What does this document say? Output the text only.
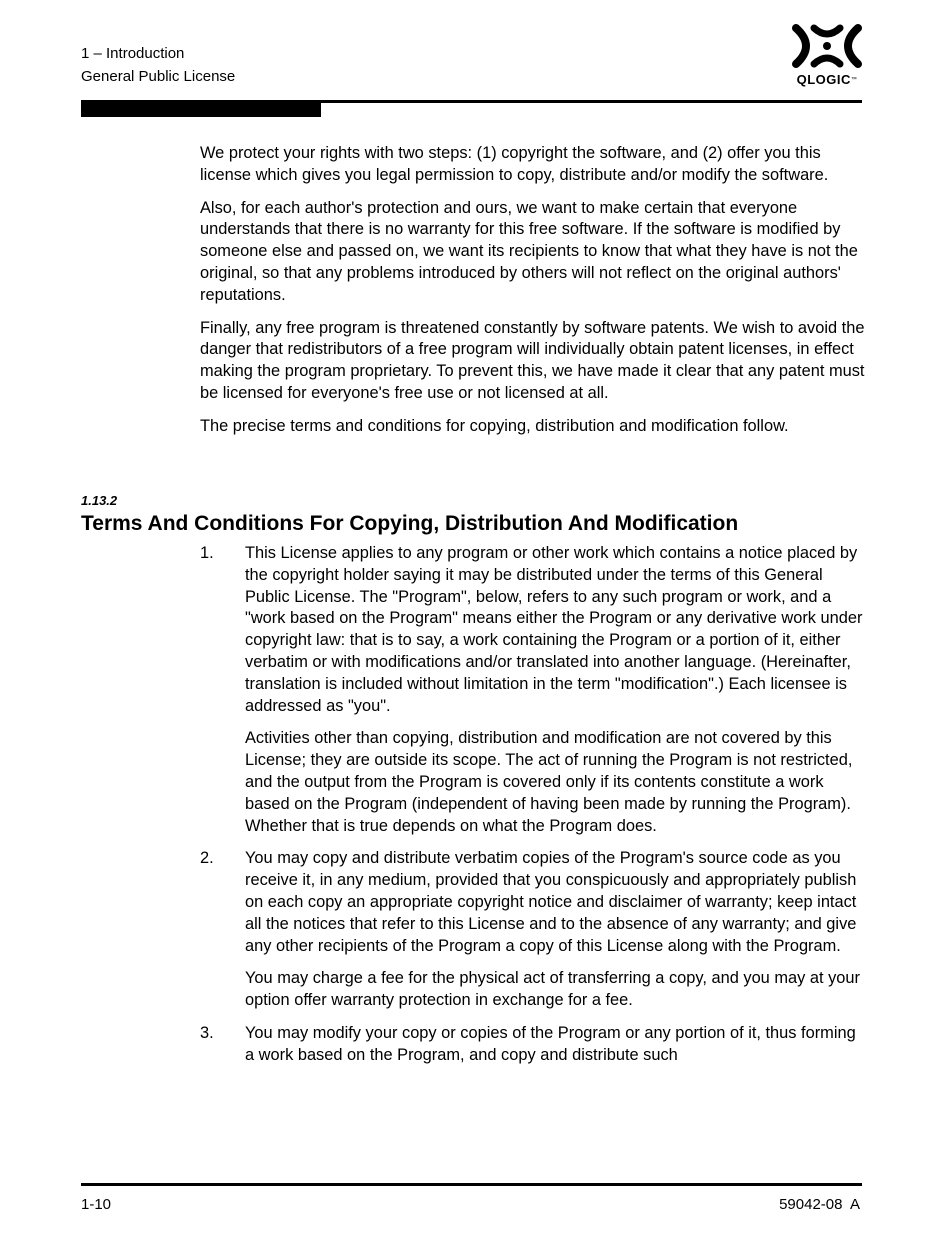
1 – Introduction
General Public License	QLOGIC™

We protect your rights with two steps: (1) copyright the software, and (2) offer you this license which gives you legal permission to copy, distribute and/or modify the software.

Also, for each author's protection and ours, we want to make certain that everyone understands that there is no warranty for this free software. If the software is modified by someone else and passed on, we want its recipients to know that what they have is not the original, so that any problems introduced by others will not reflect on the original authors' reputations.

Finally, any free program is threatened constantly by software patents. We wish to avoid the danger that redistributors of a free program will individually obtain patent licenses, in effect making the program proprietary. To prevent this, we have made it clear that any patent must be licensed for everyone's free use or not licensed at all.

The precise terms and conditions for copying, distribution and modification follow.

1.13.2
Terms And Conditions For Copying, Distribution And Modification
1. This License applies to any program or other work which contains a notice placed by the copyright holder saying it may be distributed under the terms of this General Public License. The "Program", below, refers to any such program or work, and a "work based on the Program" means either the Program or any derivative work under copyright law: that is to say, a work containing the Program or a portion of it, either verbatim or with modifications and/or translated into another language. (Hereinafter, translation is included without limitation in the term "modification".) Each licensee is addressed as "you".

Activities other than copying, distribution and modification are not covered by this License; they are outside its scope. The act of running the Program is not restricted, and the output from the Program is covered only if its contents constitute a work based on the Program (independent of having been made by running the Program). Whether that is true depends on what the Program does.

2. You may copy and distribute verbatim copies of the Program's source code as you receive it, in any medium, provided that you conspicuously and appropriately publish on each copy an appropriate copyright notice and disclaimer of warranty; keep intact all the notices that refer to this License and to the absence of any warranty; and give any other recipients of the Program a copy of this License along with the Program.

You may charge a fee for the physical act of transferring a copy, and you may at your option offer warranty protection in exchange for a fee.

3. You may modify your copy or copies of the Program or any portion of it, thus forming a work based on the Program, and copy and distribute such

1-10	59042-08  A
